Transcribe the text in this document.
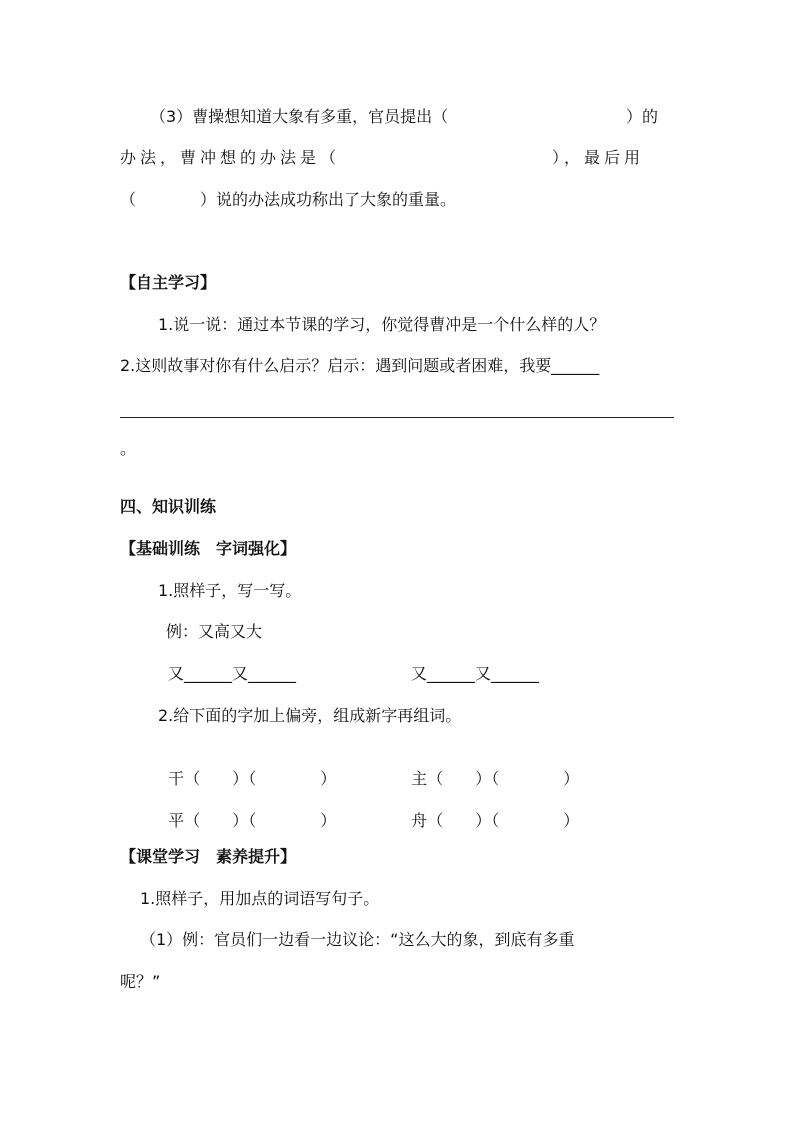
（3）曹操想知道大象有多重，官员提出（	）的
办法，曹冲想的办法是（	），最后用
（　　　　）说的办法成功称出了大象的重量。
【自主学习】
1.说一说：通过本节课的学习，你觉得曹冲是一个什么样的人？
2.这则故事对你有什么启示？启示：遇到问题或者困难，我要______
。
四、知识训练
【基础训练　字词强化】
1.照样子，写一写。
例：又高又大
又______又______	又______又______
2.给下面的字加上偏旁，组成新字再组词。

干（　　）（　　　　）	主（　　）（　　　　）

平（　　）（　　　　）	舟（　　）（　　　　）

【课堂学习　素养提升】
1.照样子，用加点的词语写句子。
（1）例：官员们一边看一边议论：“这么大的象，到底有多重
呢？”
